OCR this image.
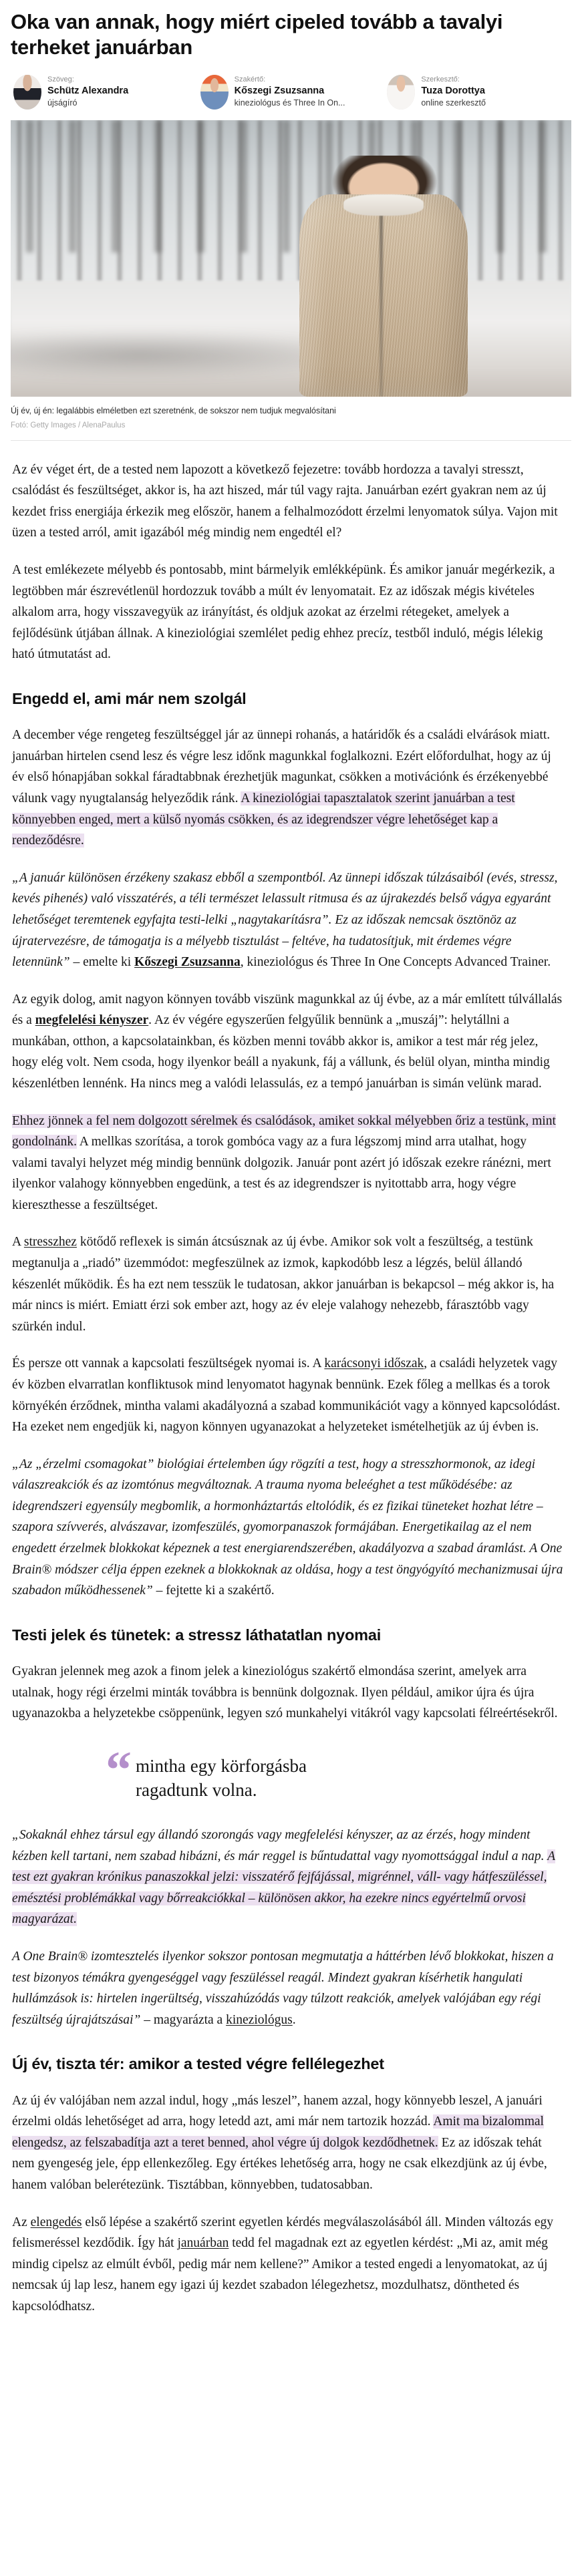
Oka van annak, hogy miért cipeled tovább a tavalyi terheket januárban
Szöveg:
Schütz Alexandra
újságíró
Szakértő:
Kőszegi Zsuzsanna
kineziológus és Three In On...
Szerkesztő:
Tuza Dorottya
online szerkesztő
Új év, új én: legalábbis elméletben ezt szeretnénk, de sokszor nem tudjuk megvalósítani
Fotó: Getty Images / AlenaPaulus

Az év véget ért, de a tested nem lapozott a következő fejezetre: tovább hordozza a tavalyi stresszt, csalódást és feszültséget, akkor is, ha azt hiszed, már túl vagy rajta. Januárban ezért gyakran nem az új kezdet friss energiája érkezik meg először, hanem a felhalmozódott érzelmi lenyomatok súlya. Vajon mit üzen a tested arról, amit igazából még mindig nem engedtél el?

A test emlékezete mélyebb és pontosabb, mint bármelyik emlékképünk. És amikor január megérkezik, a legtöbben már észrevétlenül hordozzuk tovább a múlt év lenyomatait. Ez az időszak mégis kivételes alkalom arra, hogy visszavegyük az irányítást, és oldjuk azokat az érzelmi rétegeket, amelyek a fejlődésünk útjában állnak. A kineziológiai szemlélet pedig ehhez precíz, testből induló, mégis lélekig ható útmutatást ad.

Engedd el, ami már nem szolgál

A december vége rengeteg feszültséggel jár az ünnepi rohanás, a határidők és a családi elvárások miatt. januárban hirtelen csend lesz és végre lesz időnk magunkkal foglalkozni. Ezért előfordulhat, hogy az új év első hónapjában sokkal fáradtabbnak érezhetjük magunkat, csökken a motivációnk és érzékenyebbé válunk vagy nyugtalanság helyeződik ránk. A kineziológiai tapasztalatok szerint januárban a test könnyebben enged, mert a külső nyomás csökken, és az idegrendszer végre lehetőséget kap a rendeződésre.

„A január különösen érzékeny szakasz ebből a szempontból. Az ünnepi időszak túlzásaiból (evés, stressz, kevés pihenés) való visszatérés, a téli természet lelassult ritmusa és az újrakezdés belső vágya egyaránt lehetőséget teremtenek egyfajta testi-lelki „nagytakarításra”. Ez az időszak nemcsak ösztönöz az újratervezésre, de támogatja is a mélyebb tisztulást – feltéve, ha tudatosítjuk, mit érdemes végre letennünk” – emelte ki Kőszegi Zsuzsanna, kineziológus és Three In One Concepts Advanced Trainer.

Az egyik dolog, amit nagyon könnyen tovább viszünk magunkkal az új évbe, az a már említett túlvállalás és a megfelelési kényszer. Az év végére egyszerűen felgyűlik bennünk a „muszáj”: helytállni a munkában, otthon, a kapcsolatainkban, és közben menni tovább akkor is, amikor a test már rég jelez, hogy elég volt. Nem csoda, hogy ilyenkor beáll a nyakunk, fáj a vállunk, és belül olyan, mintha mindig készenlétben lennénk. Ha nincs meg a valódi lelassulás, ez a tempó januárban is simán velünk marad.

Ehhez jönnek a fel nem dolgozott sérelmek és csalódások, amiket sokkal mélyebben őriz a testünk, mint gondolnánk. A mellkas szorítása, a torok gombóca vagy az a fura légszomj mind arra utalhat, hogy valami tavalyi helyzet még mindig bennünk dolgozik. Január pont azért jó időszak ezekre ránézni, mert ilyenkor valahogy könnyebben engedünk, a test és az idegrendszer is nyitottabb arra, hogy végre kiereszthesse a feszültséget.

A stresszhez kötődő reflexek is simán átcsúsznak az új évbe. Amikor sok volt a feszültség, a testünk megtanulja a „riadó” üzemmódot: megfeszülnek az izmok, kapkodóbb lesz a légzés, belül állandó készenlét működik. És ha ezt nem tesszük le tudatosan, akkor januárban is bekapcsol – még akkor is, ha már nincs is miért. Emiatt érzi sok ember azt, hogy az év eleje valahogy nehezebb, fárasztóbb vagy szürkén indul.

És persze ott vannak a kapcsolati feszültségek nyomai is. A karácsonyi időszak, a családi helyzetek vagy év közben elvarratlan konfliktusok mind lenyomatot hagynak bennünk. Ezek főleg a mellkas és a torok környékén érződnek, mintha valami akadályozná a szabad kommunikációt vagy a könnyed kapcsolódást. Ha ezeket nem engedjük ki, nagyon könnyen ugyanazokat a helyzeteket ismételhetjük az új évben is.

„Az „érzelmi csomagokat” biológiai értelemben úgy rögzíti a test, hogy a stresszhormonok, az idegi válaszreakciók és az izomtónus megváltoznak. A trauma nyoma beleéghet a test működésébe: az idegrendszeri egyensúly megbomlik, a hormonháztartás eltolódik, és ez fizikai tüneteket hozhat létre – szapora szívverés, alvászavar, izomfeszülés, gyomorpanaszok formájában. Energetikailag az el nem engedett érzelmek blokkokat képeznek a test energiarendszerében, akadályozva a szabad áramlást. A One Brain® módszer célja éppen ezeknek a blokkoknak az oldása, hogy a test öngyógyító mechanizmusai újra szabadon működhessenek” – fejtette ki a szakértő.

Testi jelek és tünetek: a stressz láthatatlan nyomai

Gyakran jelennek meg azok a finom jelek a kineziológus szakértő elmondása szerint, amelyek arra utalnak, hogy régi érzelmi minták továbbra is bennünk dolgoznak. Ilyen például, amikor újra és újra ugyanazokba a helyzetekbe csöppenünk, legyen szó munkahelyi vitákról vagy kapcsolati félreértésekről.

“ mintha egy körforgásba ragadtunk volna.

„Sokaknál ehhez társul egy állandó szorongás vagy megfelelési kényszer, az az érzés, hogy mindent kézben kell tartani, nem szabad hibázni, és már reggel is bűntudattal vagy nyomottsággal indul a nap. A test ezt gyakran krónikus panaszokkal jelzi: visszatérő fejfájással, migrénnel, váll- vagy hátfeszüléssel, emésztési problémákkal vagy bőrreakciókkal – különösen akkor, ha ezekre nincs egyértelmű orvosi magyarázat.

A One Brain® izomtesztelés ilyenkor sokszor pontosan megmutatja a háttérben lévő blokkokat, hiszen a test bizonyos témákra gyengeséggel vagy feszüléssel reagál. Mindezt gyakran kísérhetik hangulati hullámzások is: hirtelen ingerültség, visszahúzódás vagy túlzott reakciók, amelyek valójában egy régi feszültség újrajátszásai” – magyarázta a kineziológus.

Új év, tiszta tér: amikor a tested végre fellélegezhet

Az új év valójában nem azzal indul, hogy „más leszel”, hanem azzal, hogy könnyebb leszel, A januári érzelmi oldás lehetőséget ad arra, hogy letedd azt, ami már nem tartozik hozzád. Amit ma bizalommal elengedsz, az felszabadítja azt a teret benned, ahol végre új dolgok kezdődhetnek. Ez az időszak tehát nem gyengeség jele, épp ellenkezőleg. Egy értékes lehetőség arra, hogy ne csak elkezdjünk az új évbe, hanem valóban belerétezünk. Tisztábban, könnyebben, tudatosabban.

Az elengedés első lépése a szakértő szerint egyetlen kérdés megválaszolásából áll. Minden változás egy felismeréssel kezdődik. Így hát januárban tedd fel magadnak ezt az egyetlen kérdést: „Mi az, amit még mindig cipelsz az elmúlt évből, pedig már nem kellene?” Amikor a tested engedi a lenyomatokat, az új nemcsak új lap lesz, hanem egy igazi új kezdet szabadon lélegezhetsz, mozdulhatsz, döntheted és kapcsolódhatsz.
